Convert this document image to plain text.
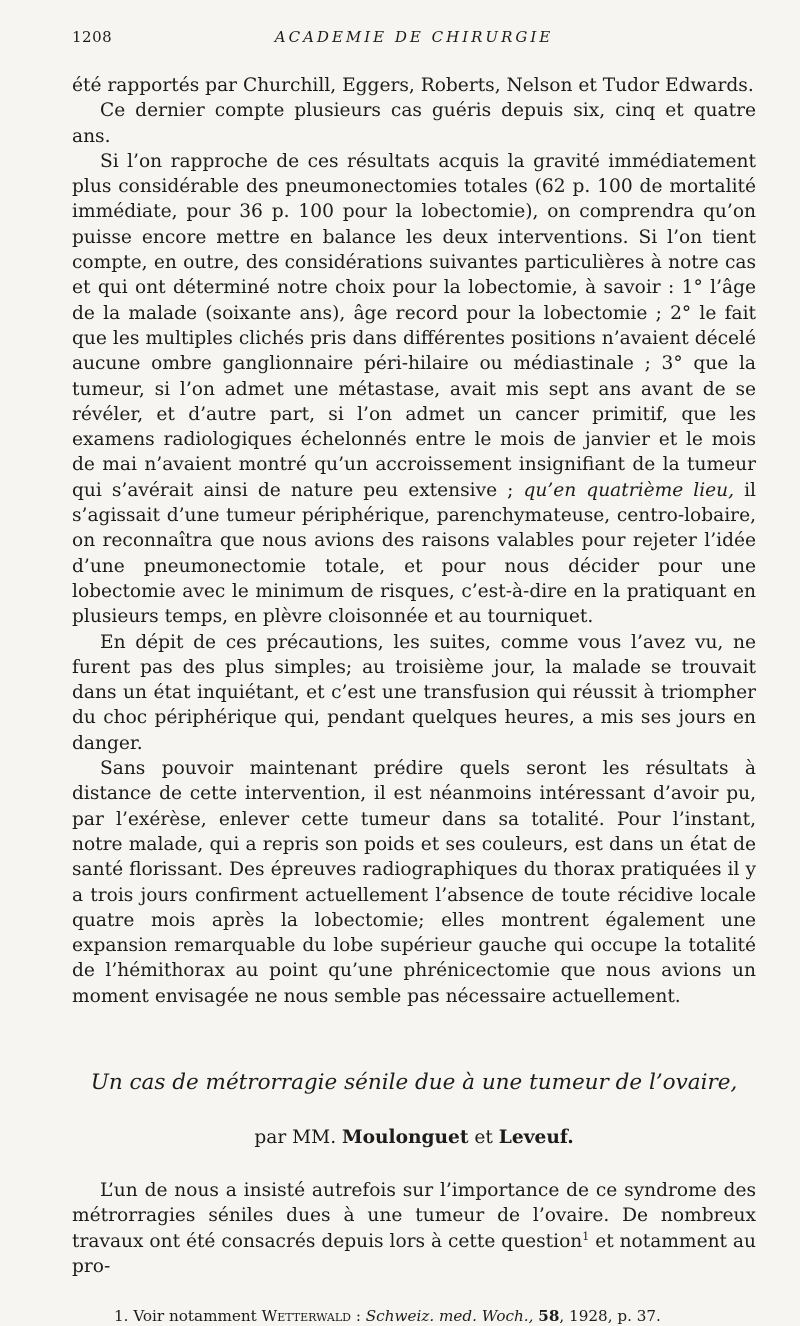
1208	ACADEMIE DE CHIRURGIE

été rapportés par Churchill, Eggers, Roberts, Nelson et Tudor Edwards.

Ce dernier compte plusieurs cas guéris depuis six, cinq et quatre ans.

Si l’on rapproche de ces résultats acquis la gravité immédiatement plus considérable des pneumonectomies totales (62 p. 100 de mortalité immédiate, pour 36 p. 100 pour la lobectomie), on comprendra qu’on puisse encore mettre en balance les deux interventions. Si l’on tient compte, en outre, des considérations suivantes particulières à notre cas et qui ont déterminé notre choix pour la lobectomie, à savoir : 1° l’âge de la malade (soixante ans), âge record pour la lobectomie ; 2° le fait que les multiples clichés pris dans différentes positions n’avaient décelé aucune ombre ganglionnaire péri-hilaire ou médiastinale ; 3° que la tumeur, si l’on admet une métastase, avait mis sept ans avant de se révéler, et d’autre part, si l’on admet un cancer primitif, que les examens radiologiques échelonnés entre le mois de janvier et le mois de mai n’avaient montré qu’un accroissement insignifiant de la tumeur qui s’avérait ainsi de nature peu extensive ; qu’en quatrième lieu, il s’agissait d’une tumeur périphérique, parenchymateuse, centro-lobaire, on reconnaîtra que nous avions des raisons valables pour rejeter l’idée d’une pneumonectomie totale, et pour nous décider pour une lobectomie avec le minimum de risques, c’est-à-dire en la pratiquant en plusieurs temps, en plèvre cloisonnée et au tourniquet.

En dépit de ces précautions, les suites, comme vous l’avez vu, ne furent pas des plus simples; au troisième jour, la malade se trouvait dans un état inquiétant, et c’est une transfusion qui réussit à triompher du choc périphérique qui, pendant quelques heures, a mis ses jours en danger.

Sans pouvoir maintenant prédire quels seront les résultats à distance de cette intervention, il est néanmoins intéressant d’avoir pu, par l’exérèse, enlever cette tumeur dans sa totalité. Pour l’instant, notre malade, qui a repris son poids et ses couleurs, est dans un état de santé florissant. Des épreuves radiographiques du thorax pratiquées il y a trois jours confirment actuellement l’absence de toute récidive locale quatre mois après la lobectomie; elles montrent également une expansion remarquable du lobe supérieur gauche qui occupe la totalité de l’hémithorax au point qu’une phrénicectomie que nous avions un moment envisagée ne nous semble pas nécessaire actuellement.

Un cas de métrorragie sénile due à une tumeur de l’ovaire,
par MM. Moulonguet et Leveuf.

L’un de nous a insisté autrefois sur l’importance de ce syndrome des métrorragies séniles dues à une tumeur de l’ovaire. De nombreux travaux ont été consacrés depuis lors à cette question$^1$ et notamment au pro-

1. Voir notamment Wetterwald : Schweiz. med. Woch., 58, 1928, p. 37.
